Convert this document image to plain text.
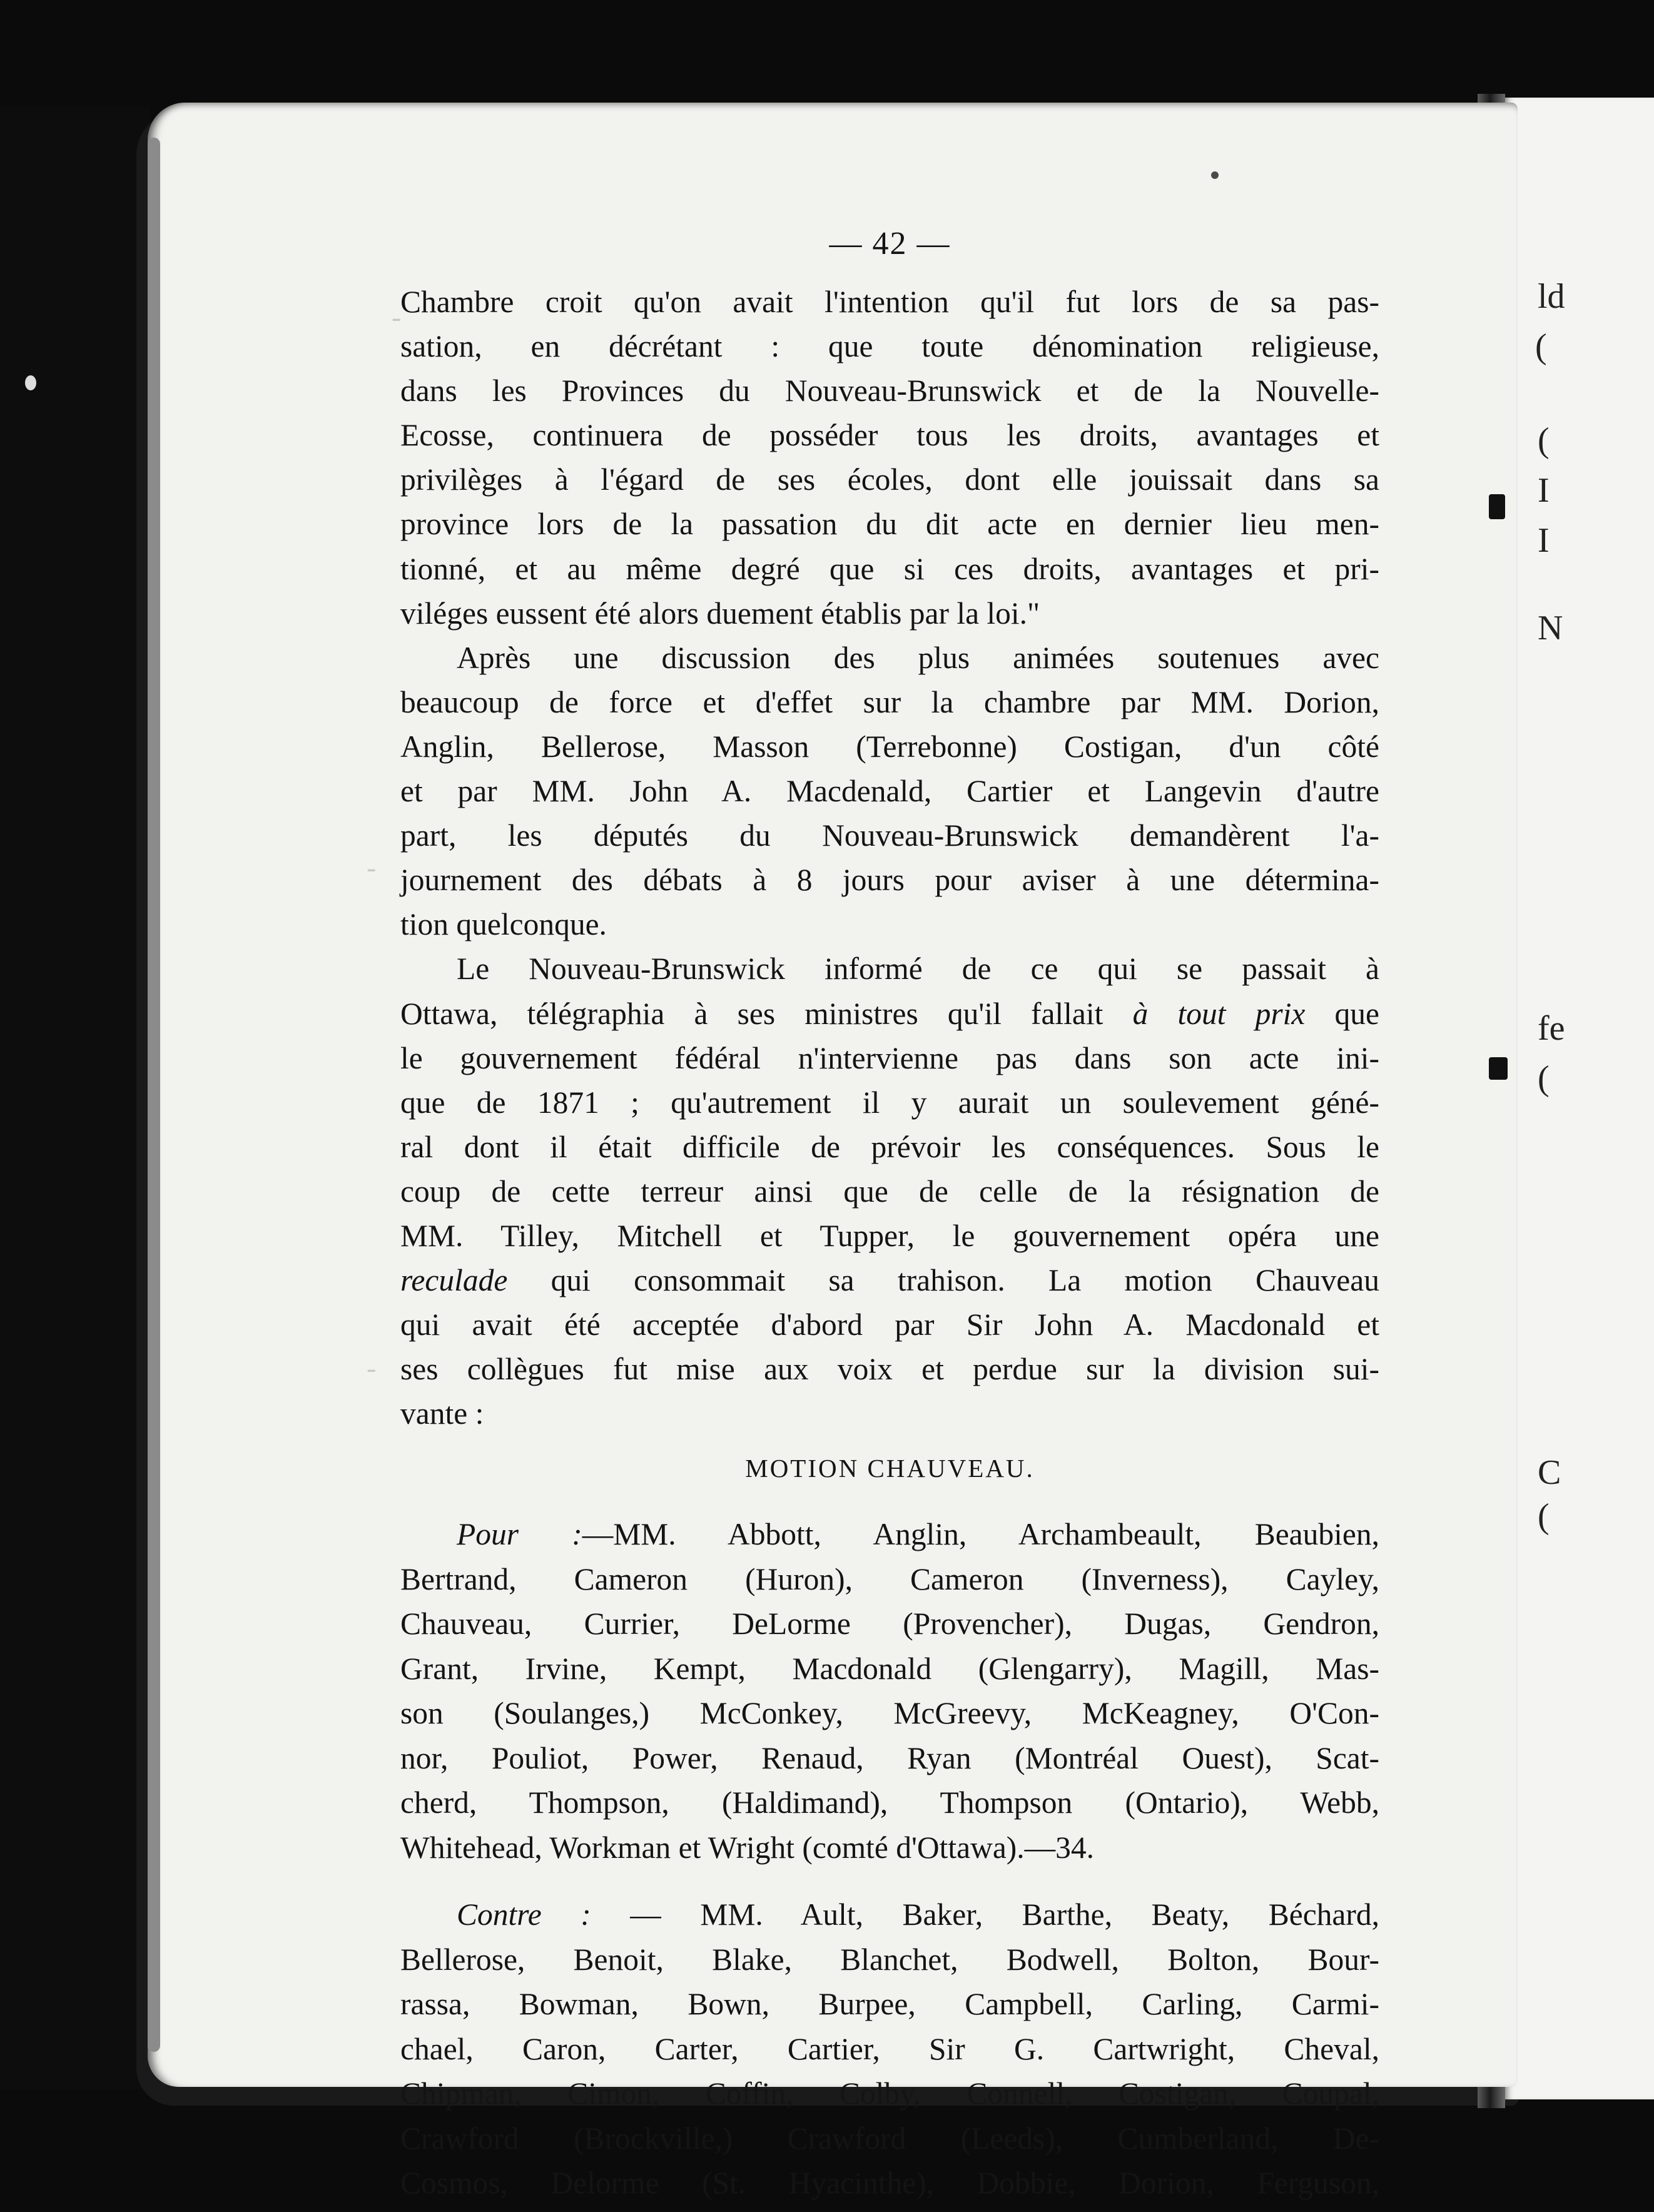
ld
(
(
I
I
N
fe
(
C
(
-
-
-
— 42 —
Chambre croit qu'on avait l'intention qu'il fut lors de sa pas-
sation, en décrétant : que toute dénomination religieuse,
dans les Provinces du Nouveau-Brunswick et de la Nouvelle-
Ecosse, continuera de posséder tous les droits, avantages et
privilèges à l'égard de ses écoles, dont elle jouissait dans sa
province lors de la passation du dit acte en dernier lieu men-
tionné, et au même degré que si ces droits, avantages et pri-
viléges eussent été alors duement établis par la loi."
Après une discussion des plus animées soutenues avec
beaucoup de force et d'effet sur la chambre par MM. Dorion,
Anglin, Bellerose, Masson (Terrebonne) Costigan, d'un côté
et par MM. John A. Macdenald, Cartier et Langevin d'autre
part, les députés du Nouveau-Brunswick demandèrent l'a-
journement des débats à 8 jours pour aviser à une détermina-
tion quelconque.
Le Nouveau-Brunswick informé de ce qui se passait à
Ottawa, télégraphia à ses ministres qu'il fallait à tout prix que
le gouvernement fédéral n'intervienne pas dans son acte ini-
que de 1871 ; qu'autrement il y aurait un soulevement géné-
ral dont il était difficile de prévoir les conséquences. Sous le
coup de cette terreur ainsi que de celle de la résignation de
MM. Tilley, Mitchell et Tupper, le gouvernement opéra une
reculade qui consommait sa trahison. La motion Chauveau
qui avait été acceptée d'abord par Sir John A. Macdonald et
ses collègues fut mise aux voix et perdue sur la division sui-
vante :
MOTION CHAUVEAU.
Pour :—MM. Abbott, Anglin, Archambeault, Beaubien,
Bertrand, Cameron (Huron), Cameron (Inverness), Cayley,
Chauveau, Currier, DeLorme (Provencher), Dugas, Gendron,
Grant, Irvine, Kempt, Macdonald (Glengarry), Magill, Mas-
son (Soulanges,) McConkey, McGreevy, McKeagney, O'Con-
nor, Pouliot, Power, Renaud, Ryan (Montréal Ouest), Scat-
cherd, Thompson, (Haldimand), Thompson (Ontario), Webb,
Whitehead, Workman et Wright (comté d'Ottawa).—34.
Contre : — MM. Ault, Baker, Barthe, Beaty, Béchard,
Bellerose, Benoit, Blake, Blanchet, Bodwell, Bolton, Bour-
rassa, Bowman, Bown, Burpee, Campbell, Carling, Carmi-
chael, Caron, Carter, Cartier, Sir G. Cartwright, Cheval,
Chipman, Cimon, Coffin, Colby, Connell, Costigan, Coupal,
Crawford (Brockville,) Crawford (Leeds), Cumberland, De-
Cosmos, Delorme (St. Hyacinthe), Dobbie, Dorion, Ferguson,
